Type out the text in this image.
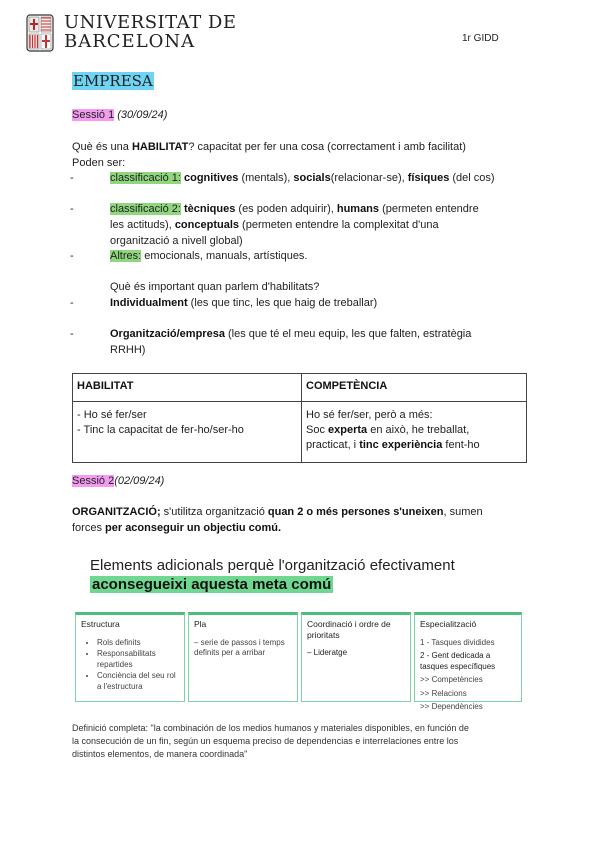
UNIVERSITAT DE
BARCELONA	1r GIDD
EMPRESA
Sessió 1 (30/09/24)
Què és una HABILITAT? capacitat per fer una cosa (correctament i amb facilitat)
Poden ser:
-	classificació 1: cognitives (mentals), socials(relacionar-se), físiques (del cos)
-	classificació 2: tècniques (es poden adquirir), humans (permeten entendre
les actituds), conceptuals (permeten entendre la complexitat d'una
organització a nivell global)
-	Altres: emocionals, manuals, artístiques.
Què és important quan parlem d'habilitats?
-	Individualment (les que tinc, les que haig de treballar)
-	Organització/empresa (les que té el meu equip, les que falten, estratègia
RRHH)
HABILITAT	COMPETÈNCIA
- Ho sé fer/ser
- Tinc la capacitat de fer-ho/ser-ho	Ho sé fer/ser, però a més:
Soc experta en això, he treballat,
practicat, i tinc experiència fent-ho
Sessió 2(02/09/24)
ORGANITZACIÓ; s'utilitza organització quan 2 o més persones s'uneixen, sumen
forces per aconseguir un objectiu comú.
Elements adicionals perquè l'organització efectivament
aconsegueixi aquesta meta comú
Estructura
• Rols definits
• Responsabilitats repartides
• Conciència del seu rol a l'estructura
Pla
– serie de passos i temps definits per a arribar
Coordinació i ordre de prioritats
– Lideratge
Especialització
1 - Tasques dividides
2 - Gent dedicada a tasques específiques
>> Competències
>> Relacions
>> Dependències
Definició completa: "la combinación de los medios humanos y materiales disponibles, en función de
la consecución de un fin, según un esquema preciso de dependencias e interrelaciones entre los
distintos elementos, de manera coordinada"
